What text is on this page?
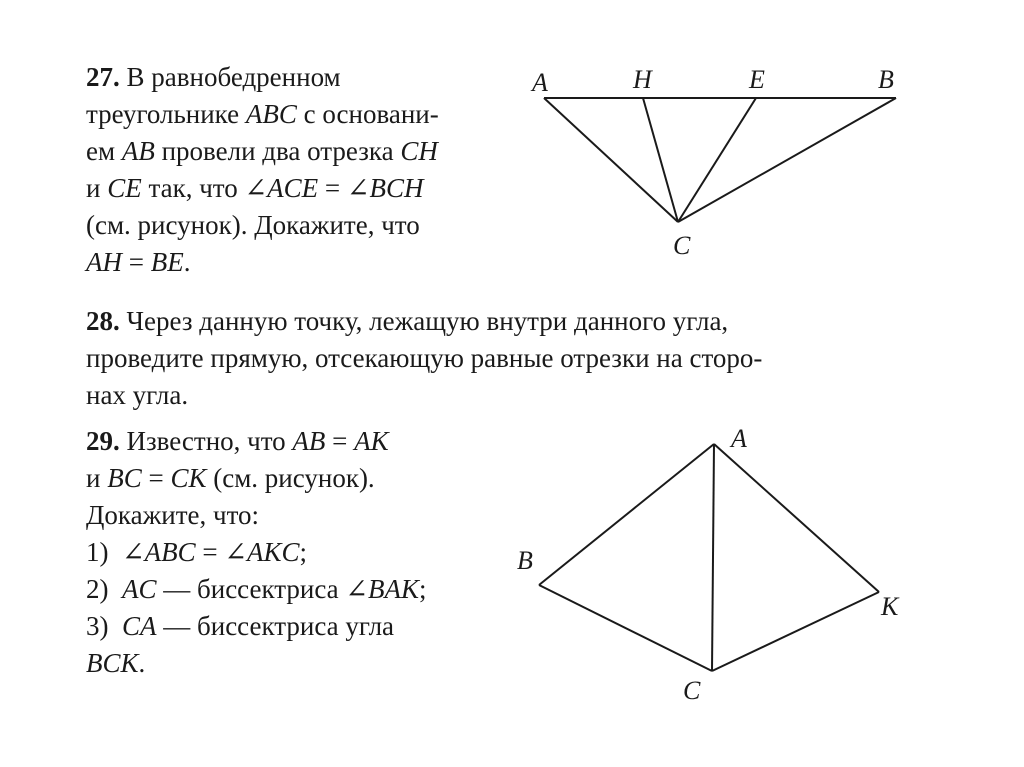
27. В равнобедренном

треугольнике ABC с основани-

ем AB провели два отрезка CH

и CE так, что ∠ACE = ∠BCH

(см. рисунок). Докажите, что

AH = BE.

A	H	E	B
C

28. Через данную точку, лежащую внутри данного угла,

проведите прямую, отсекающую равные отрезки на сторо-

нах угла.

29. Известно, что AB = AK

и BC = CK (см. рисунок).

Докажите, что:

1)  ∠ABC = ∠AKC;

2)  AC — биссектриса ∠BAK;

3)  CA — биссектриса угла

BCK.

A
B
C
K
